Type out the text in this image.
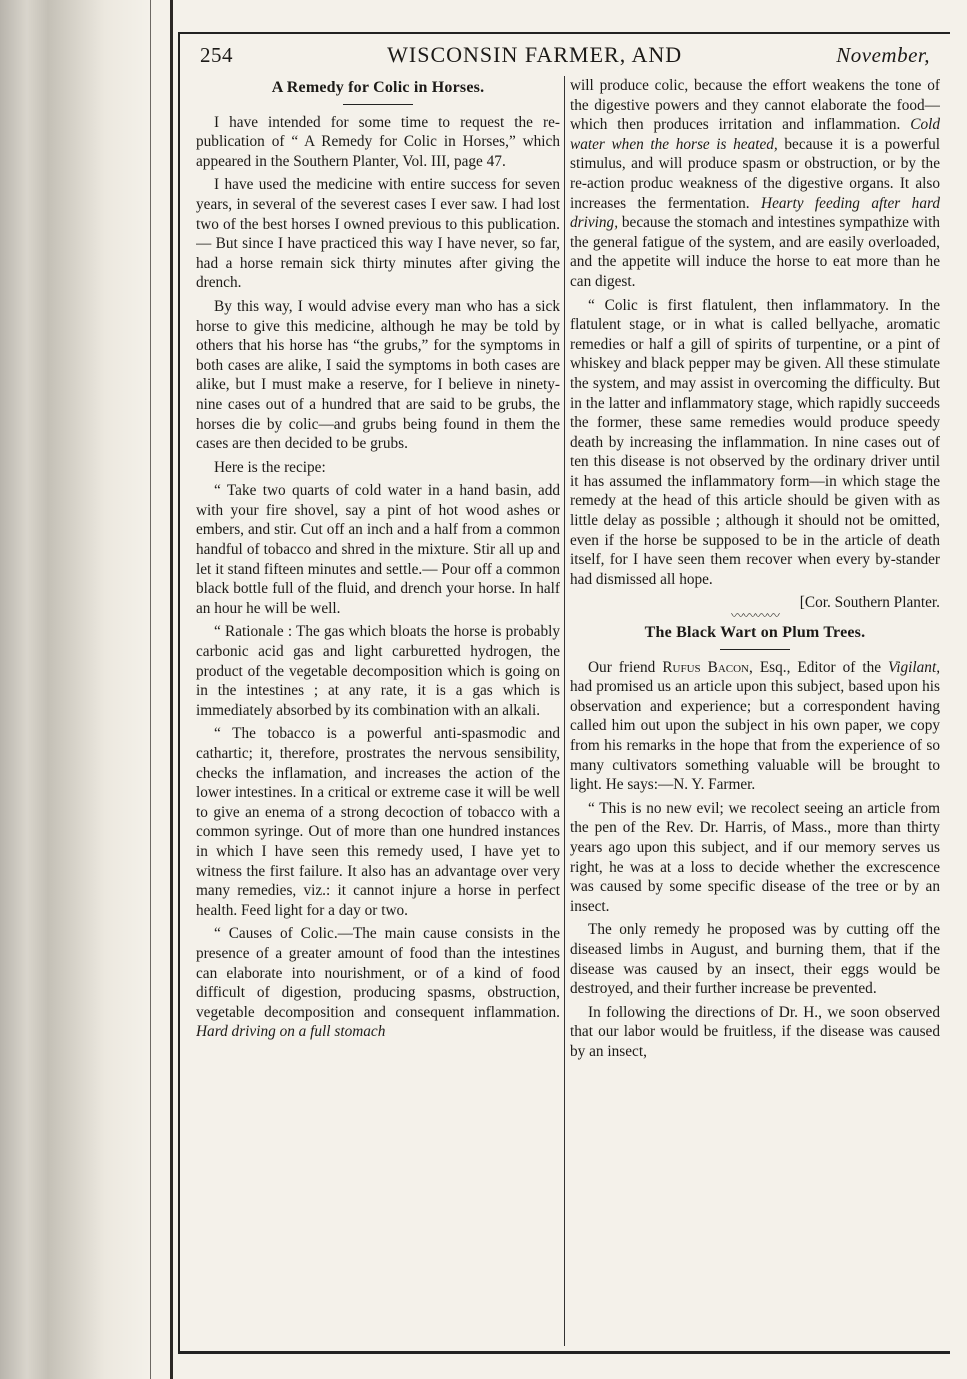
254	WISCONSIN FARMER, AND	November,
A Remedy for Colic in Horses.

I have intended for some time to request the re-publication of “ A Remedy for Colic in Horses,” which appeared in the Southern Planter, Vol. III, page 47.

I have used the medicine with entire success for seven years, in several of the severest cases I ever saw. I had lost two of the best horses I owned previous to this publication.— But since I have practiced this way I have never, so far, had a horse remain sick thirty minutes after giving the drench.

By this way, I would advise every man who has a sick horse to give this medicine, although he may be told by others that his horse has “the grubs,” for the symptoms in both cases are alike, I said the symptoms in both cases are alike, but I must make a reserve, for I believe in ninety-nine cases out of a hundred that are said to be grubs, the horses die by colic—and grubs being found in them the cases are then decided to be grubs.

Here is the recipe:

“ Take two quarts of cold water in a hand basin, add with your fire shovel, say a pint of hot wood ashes or embers, and stir. Cut off an inch and a half from a common handful of tobacco and shred in the mixture. Stir all up and let it stand fifteen minutes and settle.— Pour off a common black bottle full of the fluid, and drench your horse. In half an hour he will be well.

“ Rationale : The gas which bloats the horse is probably carbonic acid gas and light carburetted hydrogen, the product of the vegetable decomposition which is going on in the intestines ; at any rate, it is a gas which is immediately absorbed by its combination with an alkali.

“ The tobacco is a powerful anti-spasmodic and cathartic; it, therefore, prostrates the nervous sensibility, checks the inflamation, and increases the action of the lower intestines. In a critical or extreme case it will be well to give an enema of a strong decoction of tobacco with a common syringe. Out of more than one hundred instances in which I have seen this remedy used, I have yet to witness the first failure. It also has an advantage over very many remedies, viz.: it cannot injure a horse in perfect health. Feed light for a day or two.

“ Causes of Colic.—The main cause consists in the presence of a greater amount of food than the intestines can elaborate into nourishment, or of a kind of food difficult of digestion, producing spasms, obstruction, vegetable decomposition and consequent inflammation. Hard driving on a full stomach

will produce colic, because the effort weakens the tone of the digestive powers and they cannot elaborate the food—which then produces irritation and inflammation. Cold water when the horse is heated, because it is a powerful stimulus, and will produce spasm or obstruction, or by the re-action produc weakness of the digestive organs. It also increases the fermentation. Hearty feeding after hard driving, because the stomach and intestines sympathize with the general fatigue of the system, and are easily overloaded, and the appetite will induce the horse to eat more than he can digest.

“ Colic is first flatulent, then inflammatory. In the flatulent stage, or in what is called bellyache, aromatic remedies or half a gill of spirits of turpentine, or a pint of whiskey and black pepper may be given. All these stimulate the system, and may assist in overcoming the difficulty. But in the latter and inflammatory stage, which rapidly succeeds the former, these same remedies would produce speedy death by increasing the inflammation. In nine cases out of ten this disease is not observed by the ordinary driver until it has assumed the inflammatory form—in which stage the remedy at the head of this article should be given with as little delay as possible ; although it should not be omitted, even if the horse be supposed to be in the article of death itself, for I have seen them recover when every by-stander had dismissed all hope.

[Cor. Southern Planter.
〰〰〰〰
The Black Wart on Plum Trees.

Our friend Rufus Bacon, Esq., Editor of the Vigilant, had promised us an article upon this subject, based upon his observation and experience; but a correspondent having called him out upon the subject in his own paper, we copy from his remarks in the hope that from the experience of so many cultivators something valuable will be brought to light. He says:—N. Y. Farmer.

“ This is no new evil; we recolect seeing an article from the pen of the Rev. Dr. Harris, of Mass., more than thirty years ago upon this subject, and if our memory serves us right, he was at a loss to decide whether the excrescence was caused by some specific disease of the tree or by an insect.

The only remedy he proposed was by cutting off the diseased limbs in August, and burning them, that if the disease was caused by an insect, their eggs would be destroyed, and their further increase be prevented.

In following the directions of Dr. H., we soon observed that our labor would be fruitless, if the disease was caused by an insect,
